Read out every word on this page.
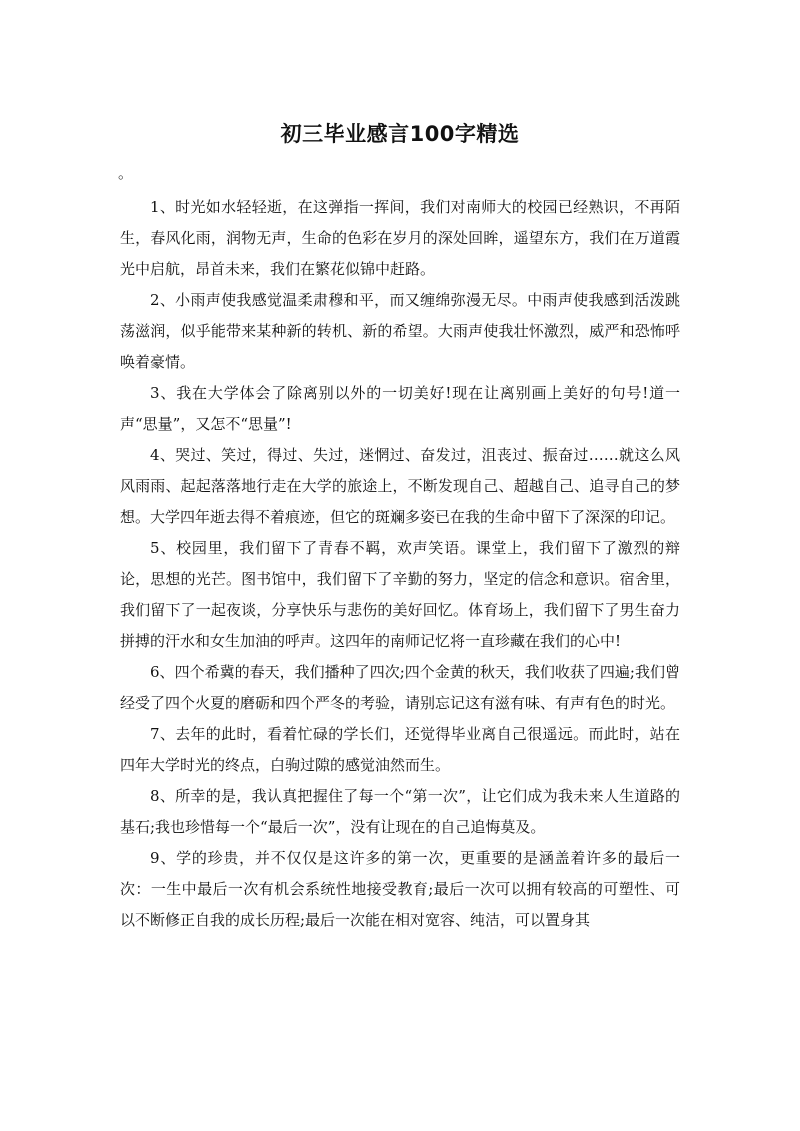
初三毕业感言100字精选
。

1、时光如水轻轻逝，在这弹指一挥间，我们对南师大的校园已经熟识，不再陌生，春风化雨，润物无声，生命的色彩在岁月的深处回眸，遥望东方，我们在万道霞光中启航，昂首未来，我们在繁花似锦中赶路。

2、小雨声使我感觉温柔肃穆和平，而又缠绵弥漫无尽。中雨声使我感到活泼跳荡滋润，似乎能带来某种新的转机、新的希望。大雨声使我壮怀激烈，威严和恐怖呼唤着豪情。

3、我在大学体会了除离别以外的一切美好!现在让离别画上美好的句号!道一声“思量”，又怎不“思量”!

4、哭过、笑过，得过、失过，迷惘过、奋发过，沮丧过、振奋过……就这么风风雨雨、起起落落地行走在大学的旅途上，不断发现自己、超越自己、追寻自己的梦想。大学四年逝去得不着痕迹，但它的斑斓多姿已在我的生命中留下了深深的印记。

5、校园里，我们留下了青春不羁，欢声笑语。课堂上，我们留下了激烈的辩论，思想的光芒。图书馆中，我们留下了辛勤的努力，坚定的信念和意识。宿舍里，我们留下了一起夜谈，分享快乐与悲伤的美好回忆。体育场上，我们留下了男生奋力拼搏的汗水和女生加油的呼声。这四年的南师记忆将一直珍藏在我们的心中!

6、四个希冀的春天，我们播种了四次;四个金黄的秋天，我们收获了四遍;我们曾经受了四个火夏的磨砺和四个严冬的考验，请别忘记这有滋有味、有声有色的时光。

7、去年的此时，看着忙碌的学长们，还觉得毕业离自己很遥远。而此时，站在四年大学时光的终点，白驹过隙的感觉油然而生。

8、所幸的是，我认真把握住了每一个“第一次”，让它们成为我未来人生道路的基石;我也珍惜每一个“最后一次”，没有让现在的自己追悔莫及。

9、学的珍贵，并不仅仅是这许多的第一次，更重要的是涵盖着许多的最后一次：一生中最后一次有机会系统性地接受教育;最后一次可以拥有较高的可塑性、可以不断修正自我的成长历程;最后一次能在相对宽容、纯洁，可以置身其
